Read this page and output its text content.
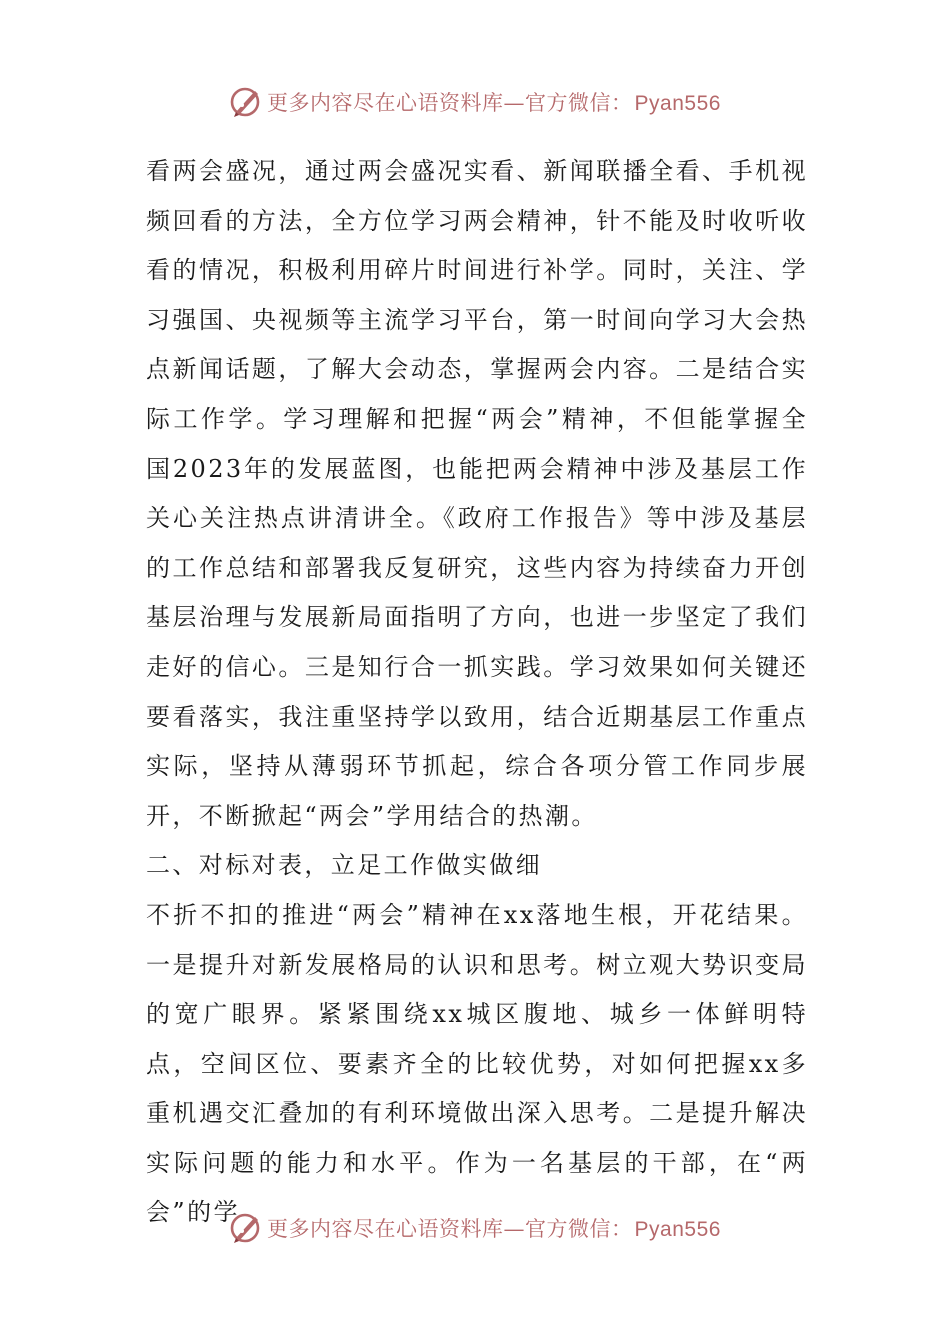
更多内容尽在心语资料库—官方微信：Pyan556

看两会盛况，通过两会盛况实看、新闻联播全看、手机视频回看的方法，全方位学习两会精神，针不能及时收听收看的情况，积极利用碎片时间进行补学。同时，关注、学习强国、央视频等主流学习平台，第一时间向学习大会热点新闻话题，了解大会动态，掌握两会内容。二是结合实际工作学。学习理解和把握“两会”精神，不但能掌握全国2023年的发展蓝图，也能把两会精神中涉及基层工作关心关注热点讲清讲全。《政府工作报告》等中涉及基层的工作总结和部署我反复研究，这些内容为持续奋力开创基层治理与发展新局面指明了方向，也进一步坚定了我们走好的信心。三是知行合一抓实践。学习效果如何关键还要看落实，我注重坚持学以致用，结合近期基层工作重点实际，坚持从薄弱环节抓起，综合各项分管工作同步展开，不断掀起“两会”学用结合的热潮。

二、对标对表，立足工作做实做细

不折不扣的推进“两会”精神在xx落地生根，开花结果。一是提升对新发展格局的认识和思考。树立观大势识变局的宽广眼界。紧紧围绕xx城区腹地、城乡一体鲜明特点，空间区位、要素齐全的比较优势，对如何把握xx多重机遇交汇叠加的有利环境做出深入思考。二是提升解决实际问题的能力和水平。作为一名基层的干部，在“两会”的学

更多内容尽在心语资料库—官方微信：Pyan556
